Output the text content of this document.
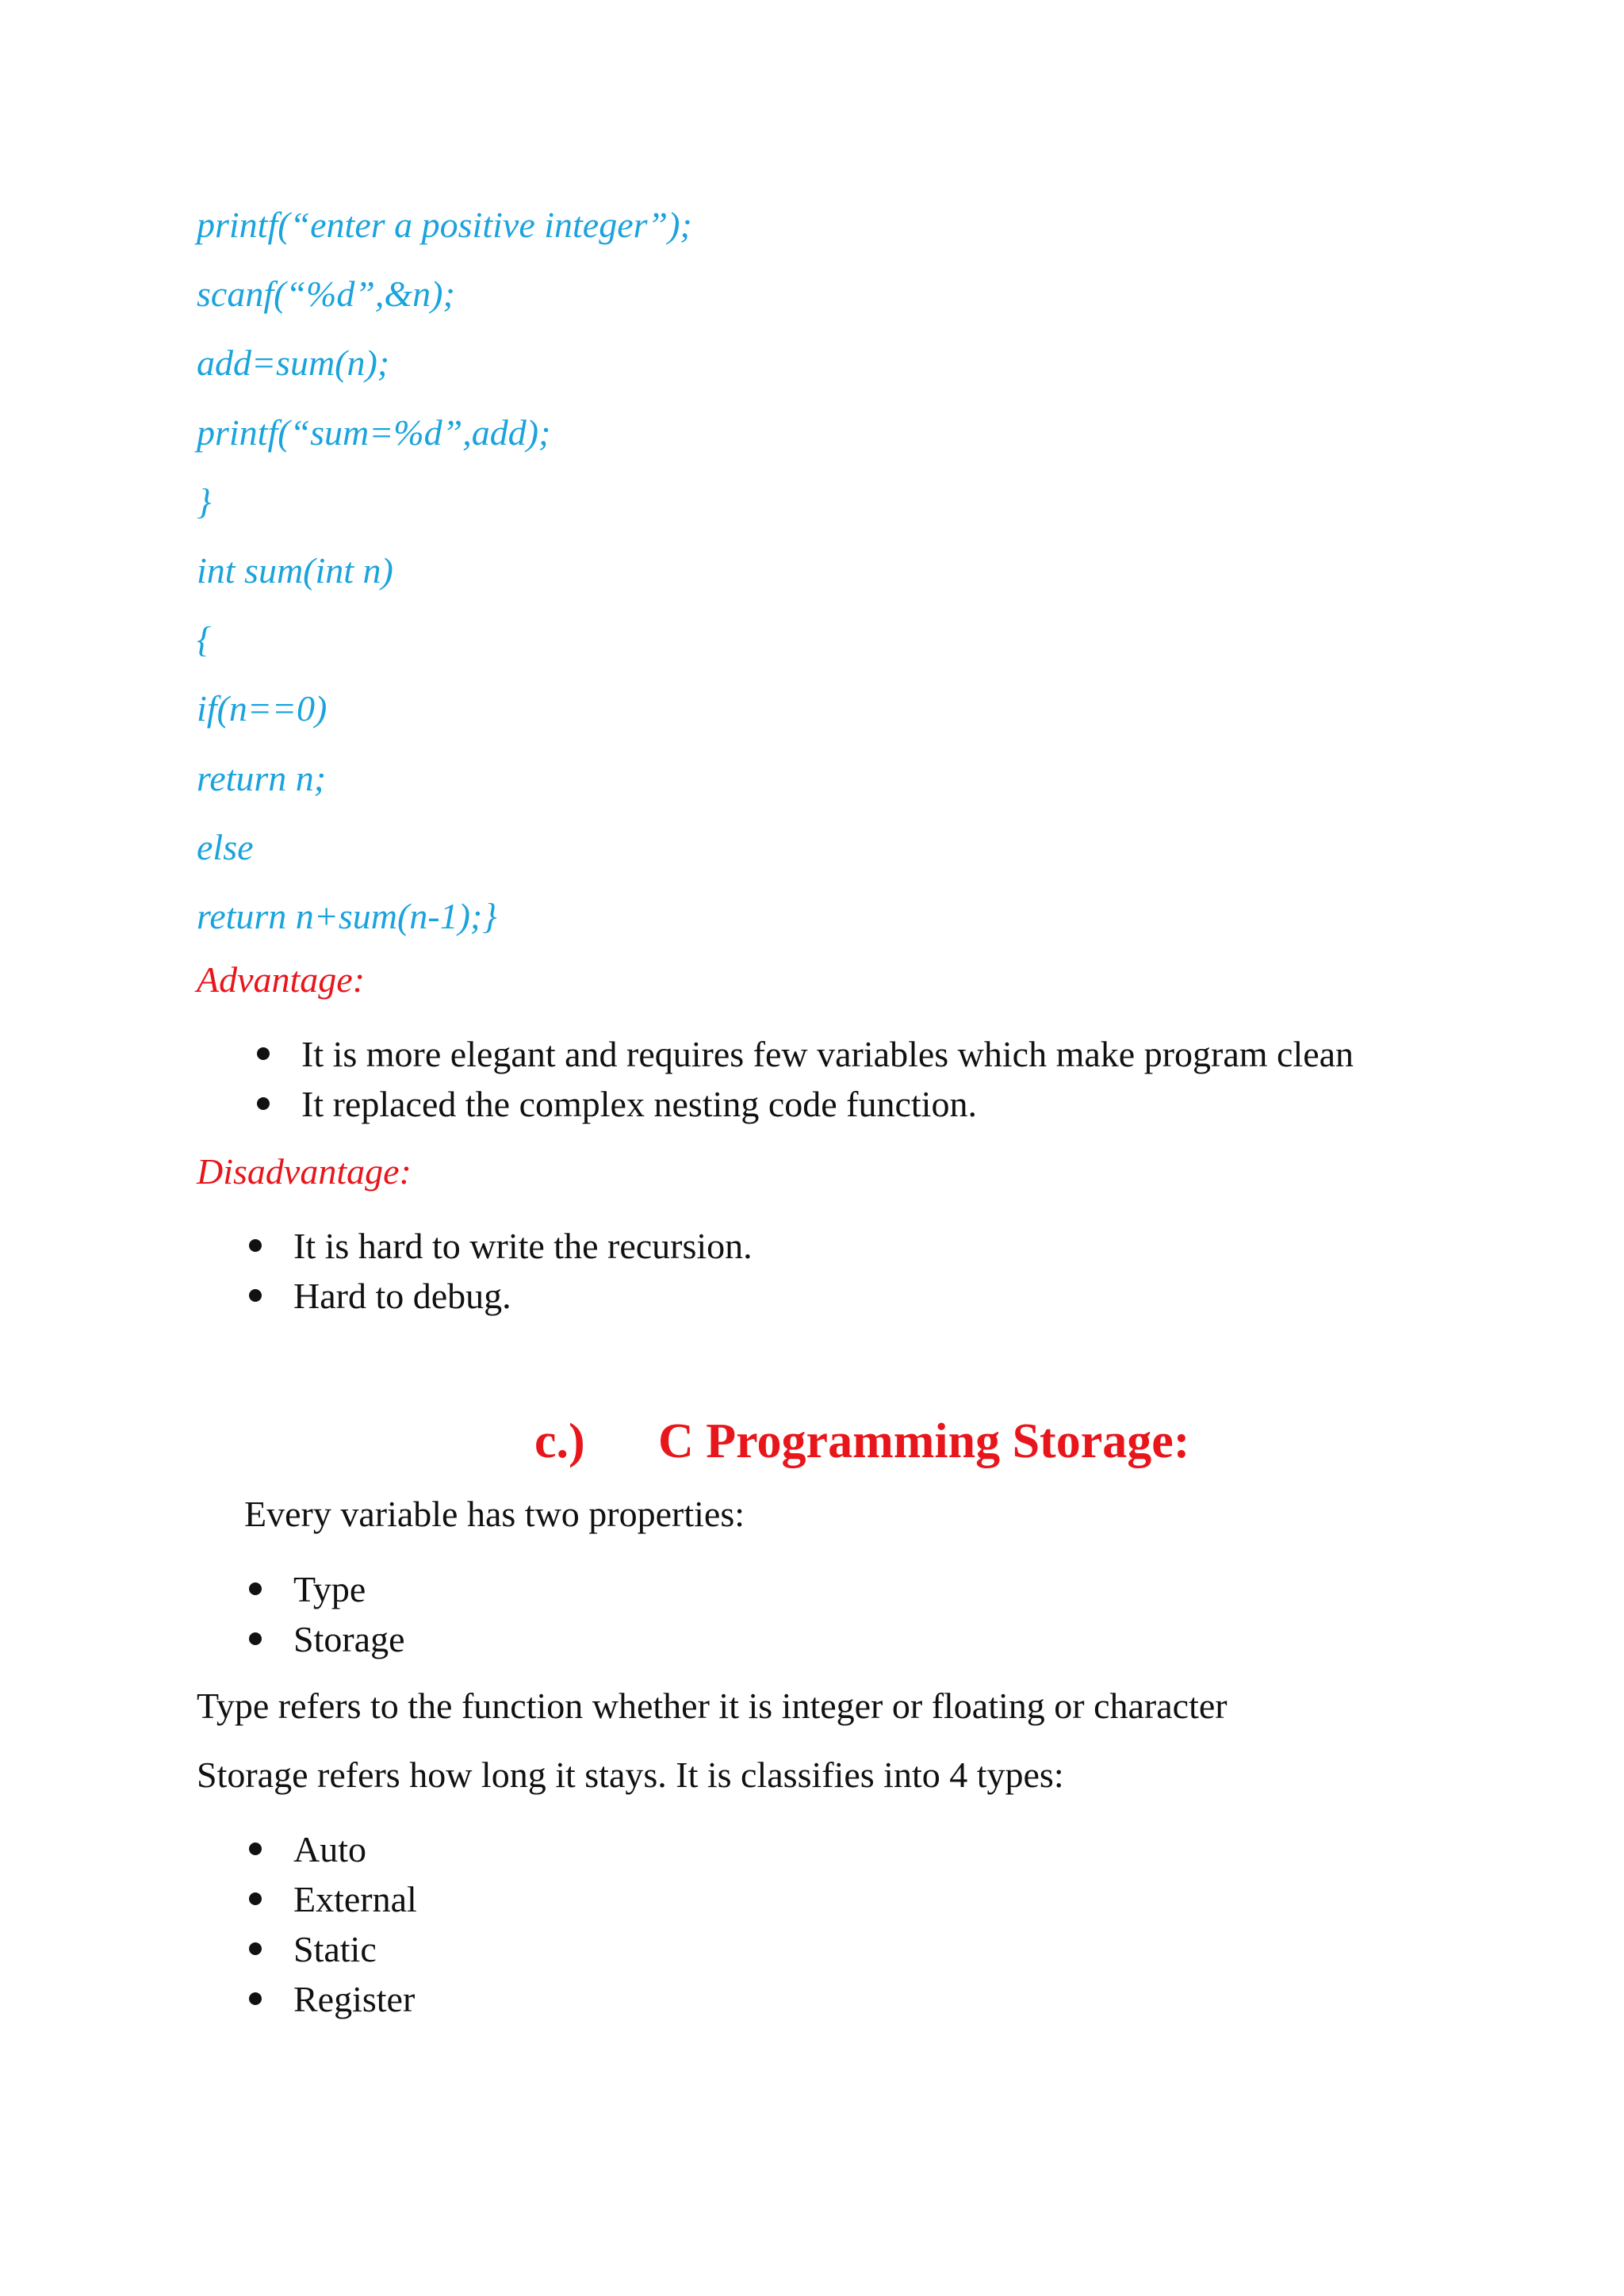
printf(“enter a positive integer”);
scanf(“%d”,&n);
add=sum(n);
printf(“sum=%d”,add);
}
int sum(int n)
{
if(n==0)
return n;
else
return n+sum(n-1);}
Advantage:
It is more elegant and requires few variables which make program clean
It replaced the complex nesting code function.
Disadvantage:
It is hard to write the recursion.
Hard to debug.
c.) C Programming Storage:
Every variable has two properties:
Type
Storage
Type refers to the function whether it is integer or floating or character
Storage refers how long it stays. It is classifies into 4 types:
Auto
External
Static
Register
